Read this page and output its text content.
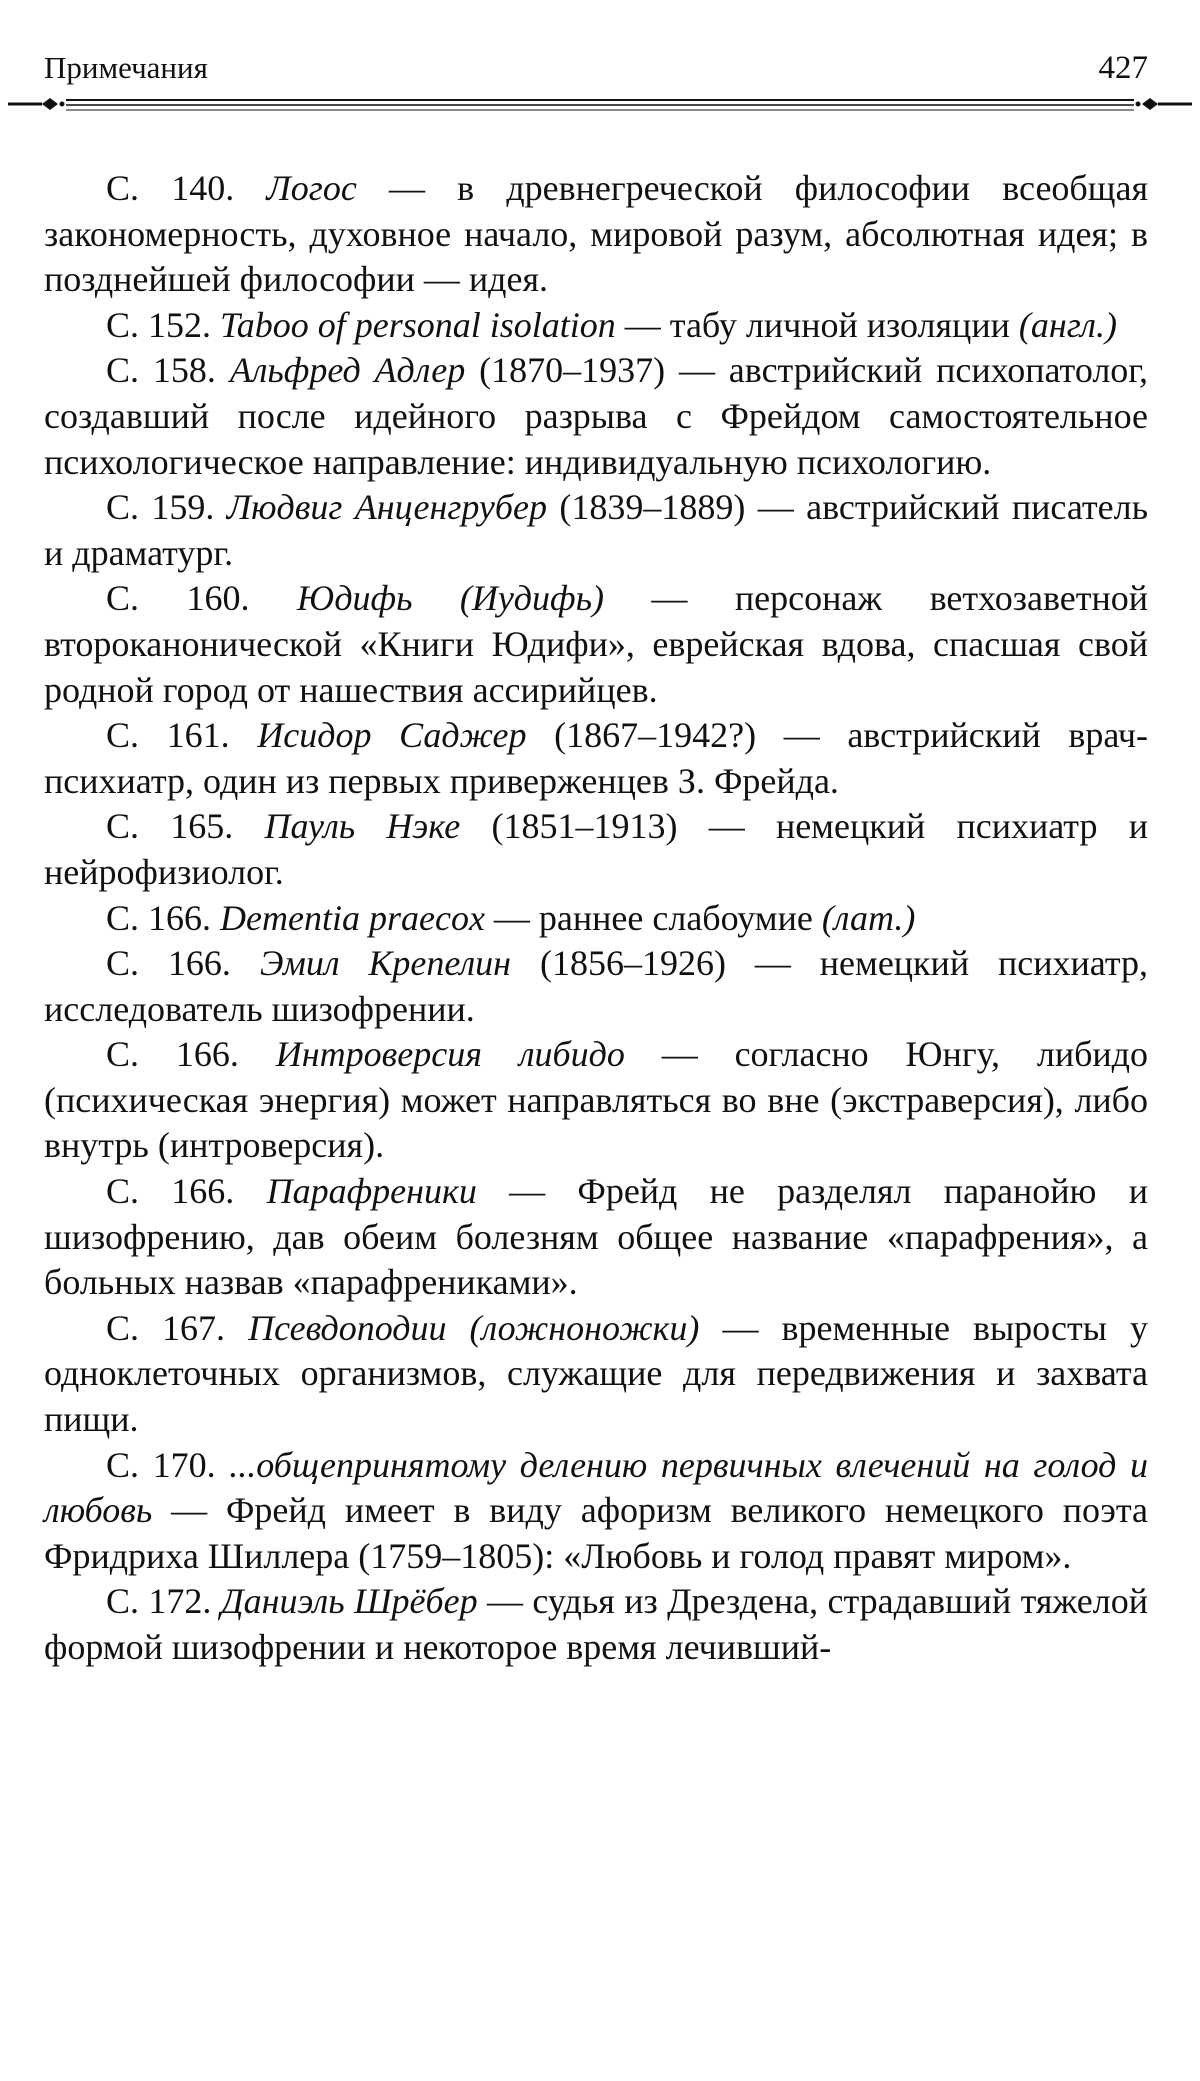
Примечания	427

С. 140. Логос — в древнегреческой философии всеобщая закономерность, духовное начало, мировой разум, абсолютная идея; в позднейшей философии — идея.

С. 152. Taboo of personal isolation — табу личной изоляции (англ.)

С. 158. Альфред Адлер (1870–1937) — австрийский психопатолог, создавший после идейного разрыва с Фрейдом самостоятельное психологическое направление: индивидуальную психологию.

С. 159. Людвиг Анценгрубер (1839–1889) — австрийский писатель и драматург.

С. 160. Юдифь (Иудифь) — персонаж ветхозаветной второканонической «Книги Юдифи», еврейская вдова, спасшая свой родной город от нашествия ассирийцев.

С. 161. Исидор Саджер (1867–1942?) — австрийский врач-психиатр, один из первых приверженцев З. Фрейда.

С. 165. Пауль Нэке (1851–1913) — немецкий психиатр и нейрофизиолог.

С. 166. Dementia praecox — раннее слабоумие (лат.)

С. 166. Эмил Крепелин (1856–1926) — немецкий психиатр, исследователь шизофрении.

С. 166. Интроверсия либидо — согласно Юнгу, либидо (психическая энергия) может направляться во вне (экстраверсия), либо внутрь (интроверсия).

С. 166. Парафреники — Фрейд не разделял паранойю и шизофрению, дав обеим болезням общее название «парафрения», а больных назвав «парафрениками».

С. 167. Псевдоподии (ложноножки) — временные выросты у одноклеточных организмов, служащие для передвижения и захвата пищи.

С. 170. ...общепринятому делению первичных влечений на голод и любовь — Фрейд имеет в виду афоризм великого немецкого поэта Фридриха Шиллера (1759–1805): «Любовь и голод правят миром».

С. 172. Даниэль Шрёбер — судья из Дрездена, страдавший тяжелой формой шизофрении и некоторое время лечивший-
